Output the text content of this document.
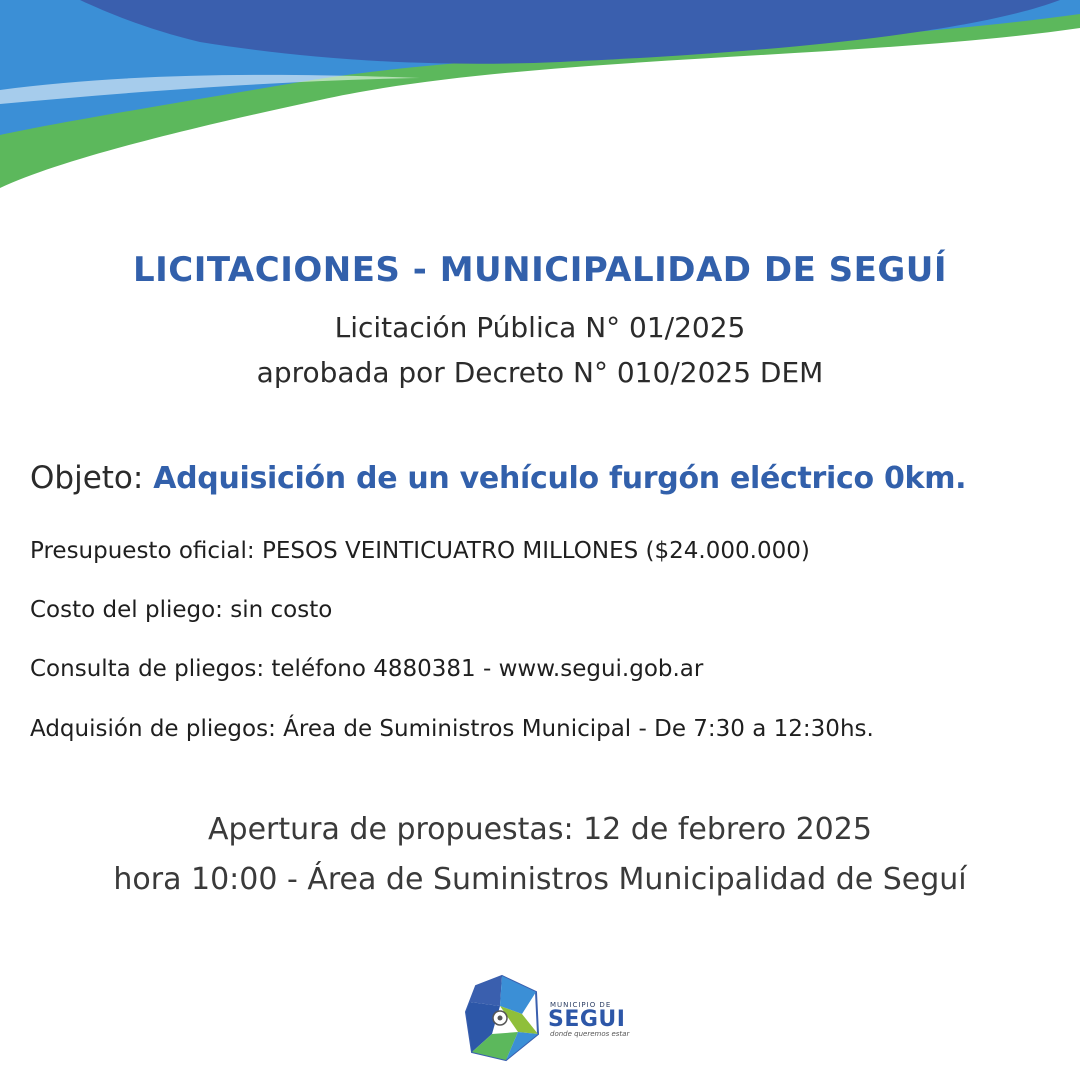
LICITACIONES - MUNICIPALIDAD DE SEGUÍ
Licitación Pública N° 01/2025
aprobada por Decreto N° 010/2025 DEM
Objeto: Adquisición de un vehículo furgón eléctrico 0km.
Presupuesto oficial: PESOS VEINTICUATRO MILLONES ($24.000.000)
Costo del pliego: sin costo
Consulta de pliegos: teléfono 4880381 - www.segui.gob.ar
Adquisión de pliegos: Área de Suministros Municipal - De 7:30 a 12:30hs.
Apertura de propuestas: 12 de febrero 2025
hora 10:00 - Área de Suministros Municipalidad de Seguí
MUNICIPIO DE
SEGUI
donde queremos estar
